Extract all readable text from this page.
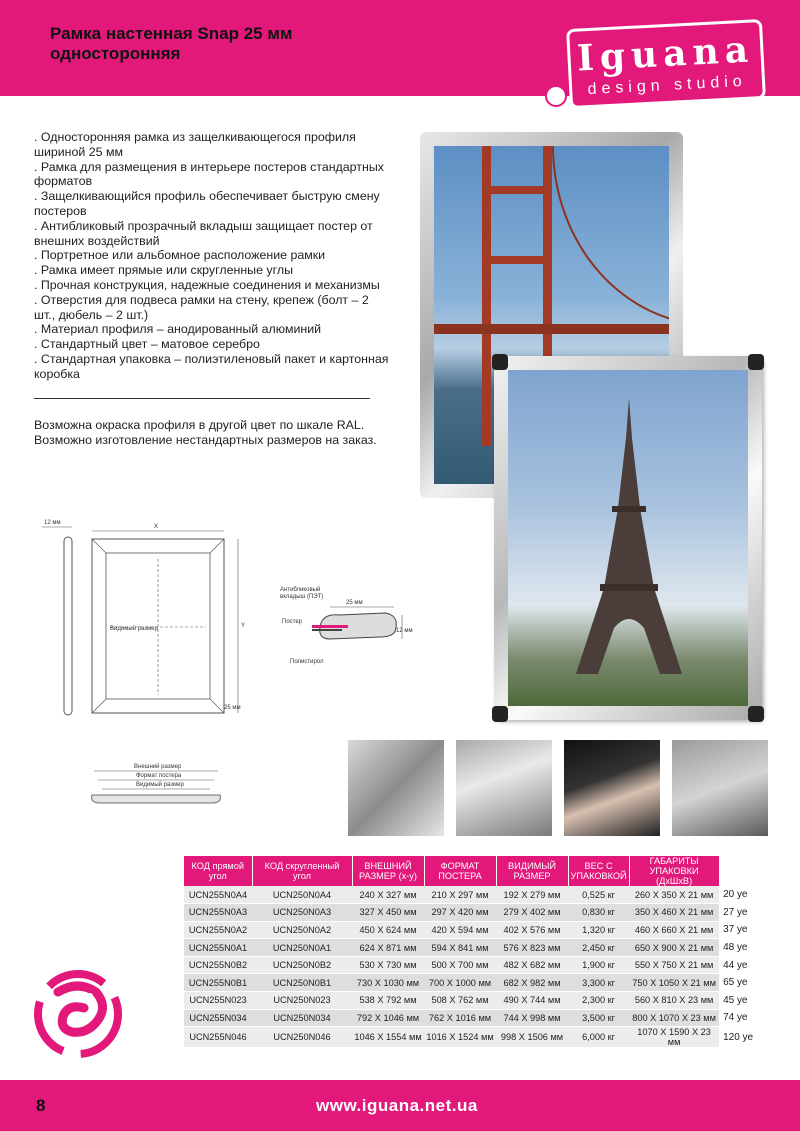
Рамка настенная Snap 25 мм
односторонняя	Iguana
design studio

. Односторонняя рамка из защелкивающегося профиля шириной 25 мм

. Рамка для размещения в интерьере постеров стандартных форматов

. Защелкивающийся профиль обеспечивает быструю смену постеров

. Антибликовый прозрачный вкладыш защищает постер от внешних воздействий

. Портретное или альбомное расположение рамки

. Рамка имеет прямые или скругленные углы

. Прочная конструкция, надежные соединения и механизмы

. Отверстия для подвеса рамки на стену, крепеж (болт – 2 шт., дюбель – 2 шт.)

. Материал профиля – анодированный алюминий

. Стандартный цвет – матовое серебро

. Стандартная упаковка – полиэтиленовый пакет и картонная коробка

Возможна окраска профиля в другой цвет по шкале RAL.
Возможно изготовление нестандартных размеров на заказ.
12 мм
X
Y
Видимый размер
25 мм
Антибликовый
вкладыш (ПЭТ)
25 мм
12 мм
Постер
Полистирол
Внешний размер
Формат постера
Видимый размер
КОД прямой угол	КОД скругленный угол	ВНЕШНИЙ РАЗМЕР (х-у)	ФОРМАТ ПОСТЕРА	ВИДИМЫЙ РАЗМЕР	ВЕС С УПАКОВКОЙ	ГАБАРИТЫ УПАКОВКИ (ДхШхВ)	
UCN255N0A4	UCN250N0A4	240 X 327 мм	210 X 297 мм	192 X 279 мм	0,525 кг	260 X 350 X 21 мм	20 уе
UCN255N0A3	UCN250N0A3	327 X 450 мм	297 X 420 мм	279 X 402 мм	0,830 кг	350 X 460 X 21 мм	27 уе
UCN255N0A2	UCN250N0A2	450 X 624 мм	420 X 594 мм	402 X 576 мм	1,320 кг	460 X 660 X 21 мм	37 уе
UCN255N0A1	UCN250N0A1	624 X 871 мм	594 X 841 мм	576 X 823 мм	2,450 кг	650 X 900 X 21 мм	48 уе
UCN255N0B2	UCN250N0B2	530 X 730 мм	500 X 700 мм	482 X 682 мм	1,900 кг	550 X 750 X 21 мм	44 уе
UCN255N0B1	UCN250N0B1	730 X 1030 мм	700 X 1000 мм	682 X 982 мм	3,300 кг	750 X 1050 X 21 мм	65 уе
UCN255N023	UCN250N023	538 X 792 мм	508 X 762 мм	490 X 744 мм	2,300 кг	560 X 810 X 23 мм	45 уе
UCN255N034	UCN250N034	792 X 1046 мм	762 X 1016 мм	744 X 998 мм	3,500 кг	800 X 1070 X 23 мм	74 уе
UCN255N046	UCN250N046	1046 X 1554 мм	1016 X 1524 мм	998 X 1506 мм	6,000 кг	1070 X 1590 X 23 мм	120 уе
8	www.iguana.net.ua
